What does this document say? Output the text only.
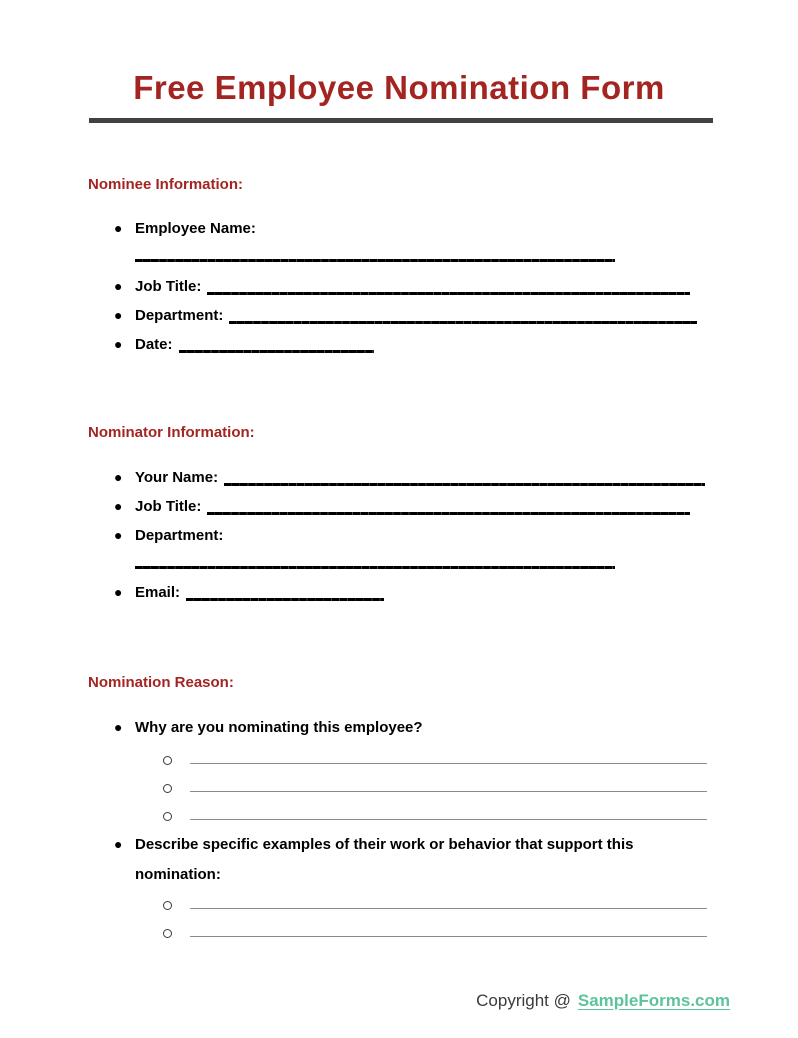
Free Employee Nomination Form
Nominee Information:
● Employee Name:
● Job Title:
● Department:
● Date:
Nominator Information:
● Your Name:
● Job Title:
● Department:
● Email:
Nomination Reason:
● Why are you nominating this employee?
● Describe specific examples of their work or behavior that support this nomination:
Copyright @ SampleForms.com
